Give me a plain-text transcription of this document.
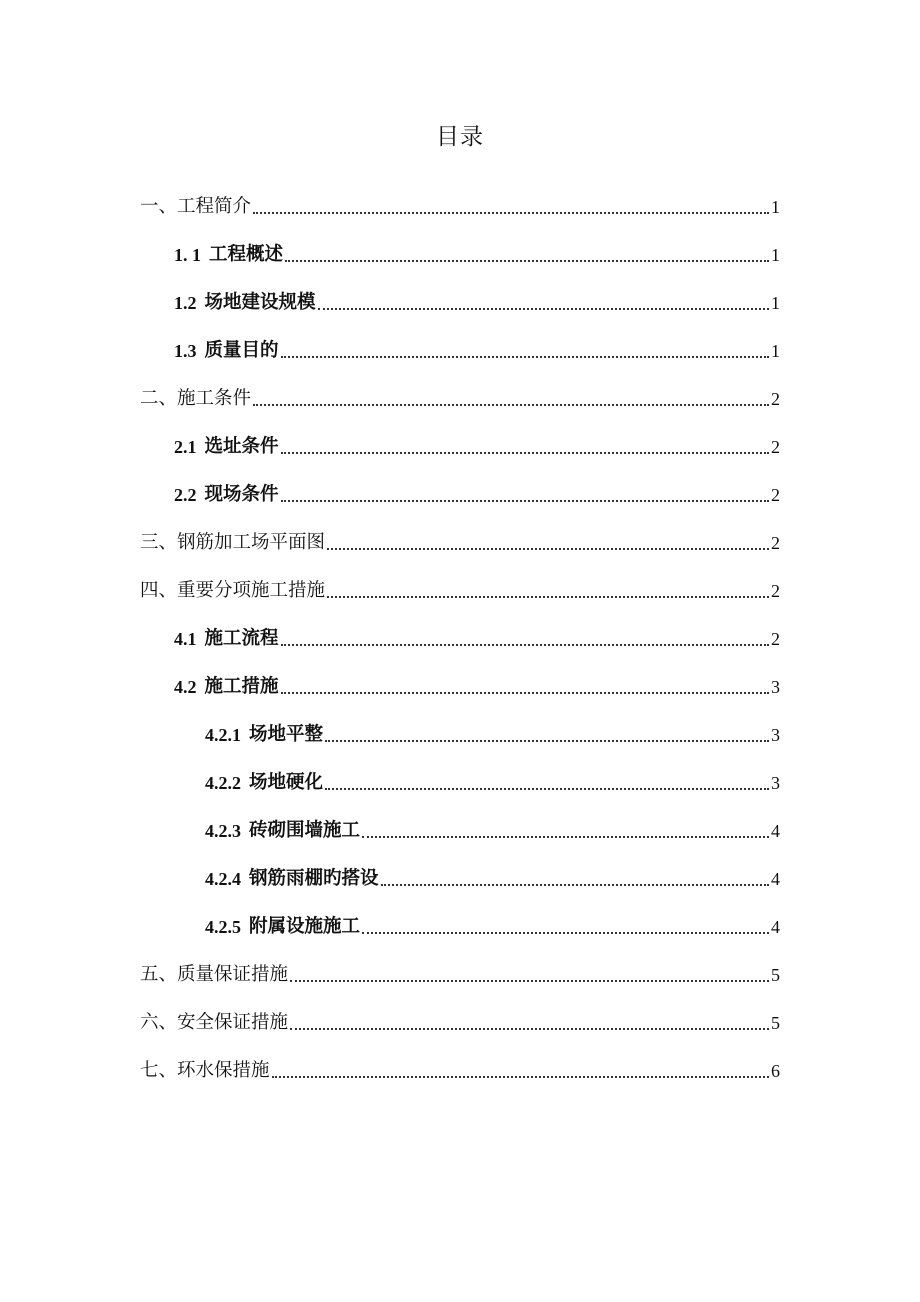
目录
一、工程简介	1
1. 1 工程概述	1
1.2 场地建设规模	1
1.3 质量目的	1
二、施工条件	2
2.1 选址条件	2
2.2 现场条件	2
三、钢筋加工场平面图	2
四、重要分项施工措施	2
4.1 施工流程	2
4.2 施工措施	3
4.2.1 场地平整	3
4.2.2 场地硬化	3
4.2.3 砖砌围墙施工	4
4.2.4 钢筋雨棚旳搭设	4
4.2.5 附属设施施工	4
五、质量保证措施	5
六、安全保证措施	5
七、环水保措施	6
